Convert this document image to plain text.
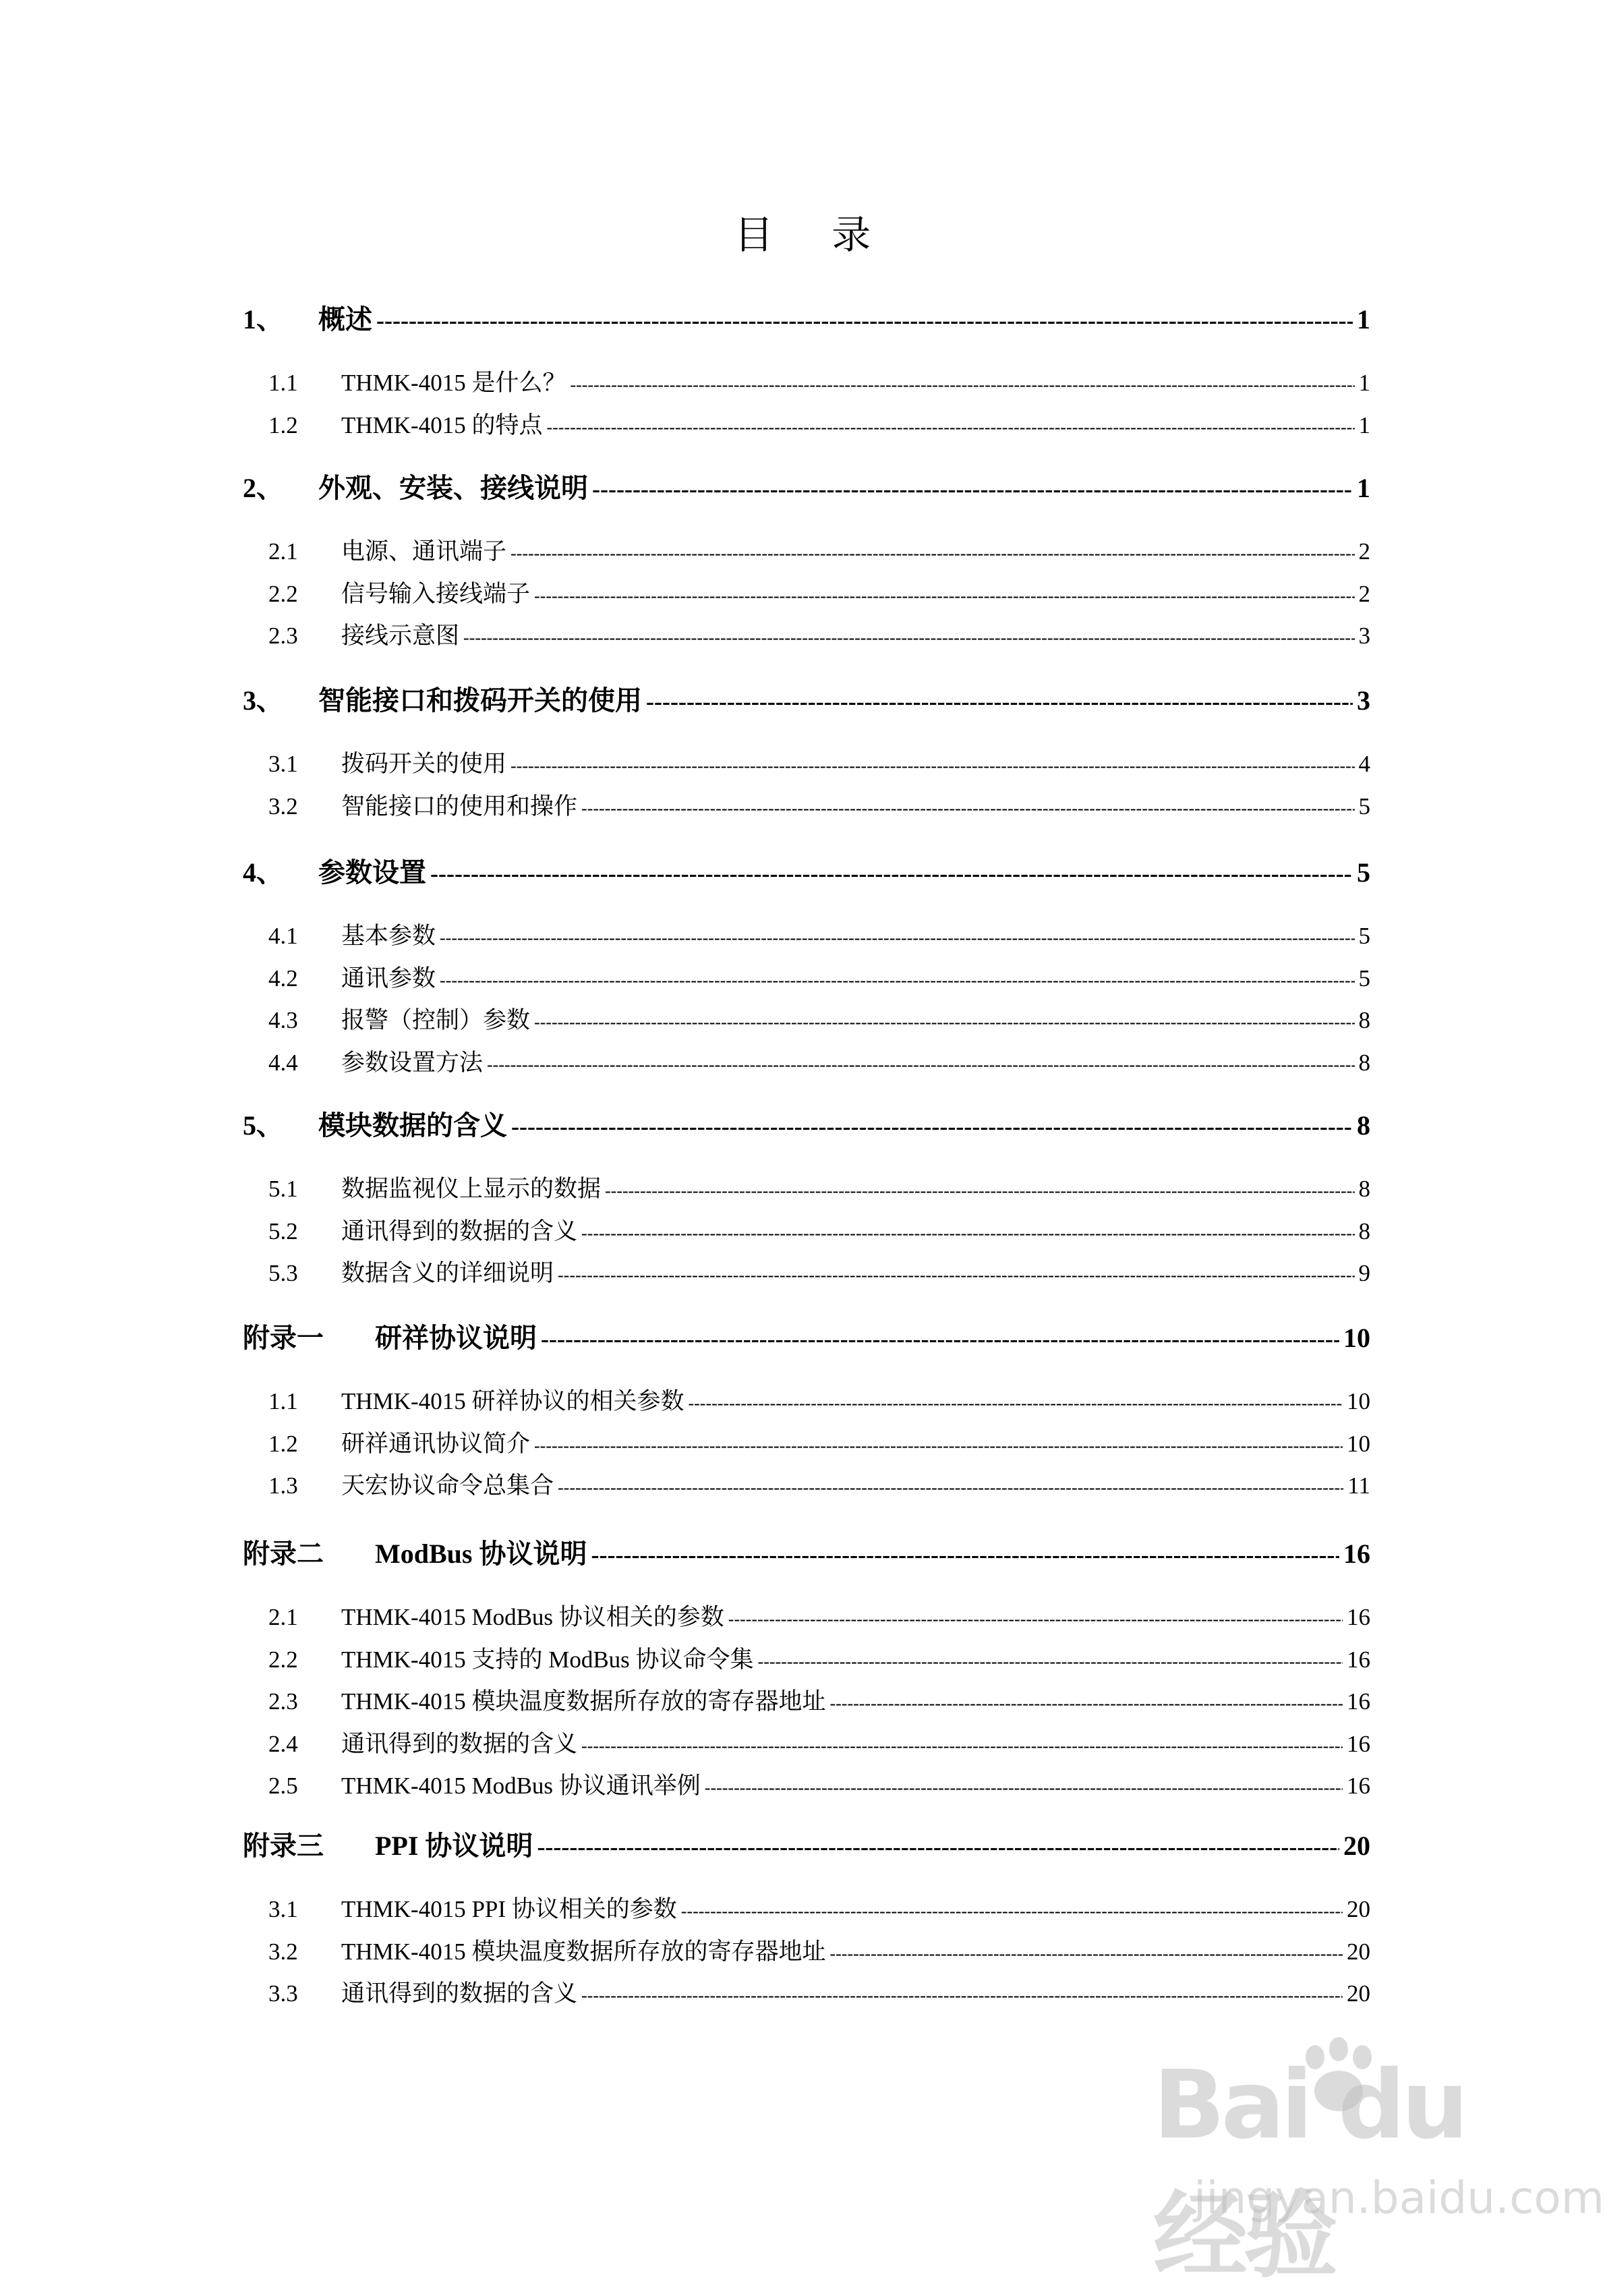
目 录
1、	概述 -----	1
1.1	THMK-4015 是什么？ -----	1
1.2	THMK-4015 的特点 -----	1
2、	外观、安装、接线说明 -----	1
2.1	电源、通讯端子 -----	2
2.2	信号输入接线端子 -----	2
2.3	接线示意图 -----	3
3、	智能接口和拨码开关的使用 -----	3
3.1	拨码开关的使用 -----	4
3.2	智能接口的使用和操作 -----	5
4、	参数设置 -----	5
4.1	基本参数 -----	5
4.2	通讯参数 -----	5
4.3	报警（控制）参数 -----	8
4.4	参数设置方法 -----	8
5、	模块数据的含义 -----	8
5.1	数据监视仪上显示的数据 -----	8
5.2	通讯得到的数据的含义 -----	8
5.3	数据含义的详细说明 -----	9
附录一	研祥协议说明 -----	10
1.1	THMK-4015 研祥协议的相关参数 -----	10
1.2	研祥通讯协议简介 -----	10
1.3	天宏协议命令总集合 -----	11
附录二	ModBus 协议说明 -----	16
2.1	THMK-4015 ModBus 协议相关的参数 -----	16
2.2	THMK-4015 支持的 ModBus 协议命令集 -----	16
2.3	THMK-4015 模块温度数据所存放的寄存器地址 -----	16
2.4	通讯得到的数据的含义 -----	16
2.5	THMK-4015 ModBus 协议通讯举例 -----	16
附录三	PPI 协议说明 -----	20
3.1	THMK-4015 PPI 协议相关的参数 -----	20
3.2	THMK-4015 模块温度数据所存放的寄存器地址 -----	20
3.3	通讯得到的数据的含义 -----	20
Bai du 经验
jingyan.baidu.com
